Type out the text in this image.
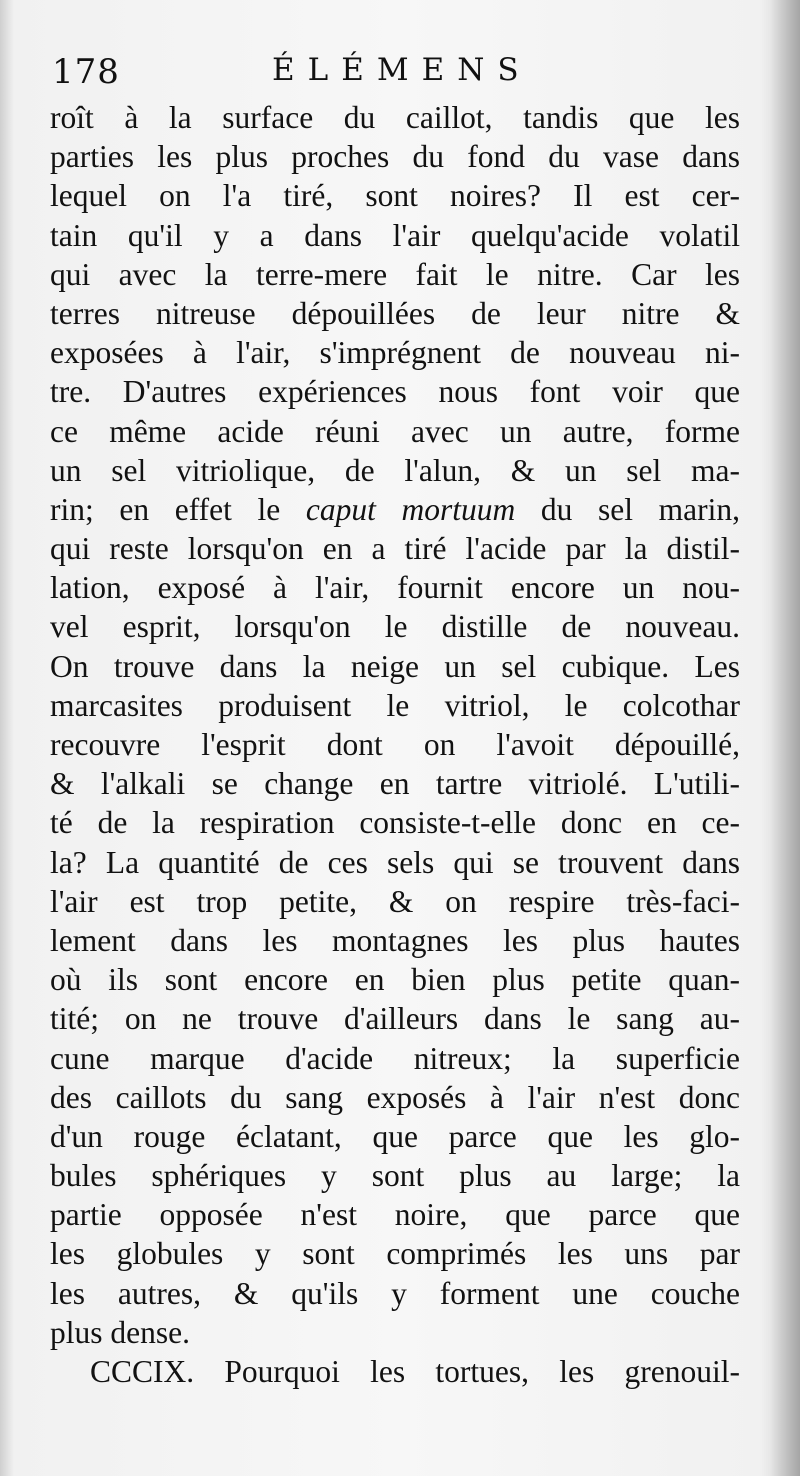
178	ÉLÉMENS
roît à la surface du caillot, tandis que les
parties les plus proches du fond du vase dans
lequel on l'a tiré, sont noires? Il est cer-
tain qu'il y a dans l'air quelqu'acide volatil
qui avec la terre-mere fait le nitre. Car les
terres nitreuse dépouillées de leur nitre &
exposées à l'air, s'imprégnent de nouveau ni-
tre. D'autres expériences nous font voir que
ce même acide réuni avec un autre, forme
un sel vitriolique, de l'alun, & un sel ma-
rin; en effet le caput mortuum du sel marin,
qui reste lorsqu'on en a tiré l'acide par la distil-
lation, exposé à l'air, fournit encore un nou-
vel esprit, lorsqu'on le distille de nouveau.
On trouve dans la neige un sel cubique. Les
marcasites produisent le vitriol, le colcothar
recouvre l'esprit dont on l'avoit dépouillé,
& l'alkali se change en tartre vitriolé. L'utili-
té de la respiration consiste-t-elle donc en ce-
la? La quantité de ces sels qui se trouvent dans
l'air est trop petite, & on respire très-faci-
lement dans les montagnes les plus hautes
où ils sont encore en bien plus petite quan-
tité; on ne trouve d'ailleurs dans le sang au-
cune marque d'acide nitreux; la superficie
des caillots du sang exposés à l'air n'est donc
d'un rouge éclatant, que parce que les glo-
bules sphériques y sont plus au large; la
partie opposée n'est noire, que parce que
les globules y sont comprimés les uns par
les autres, & qu'ils y forment une couche
plus dense.
CCCIX. Pourquoi les tortues, les grenouil-
